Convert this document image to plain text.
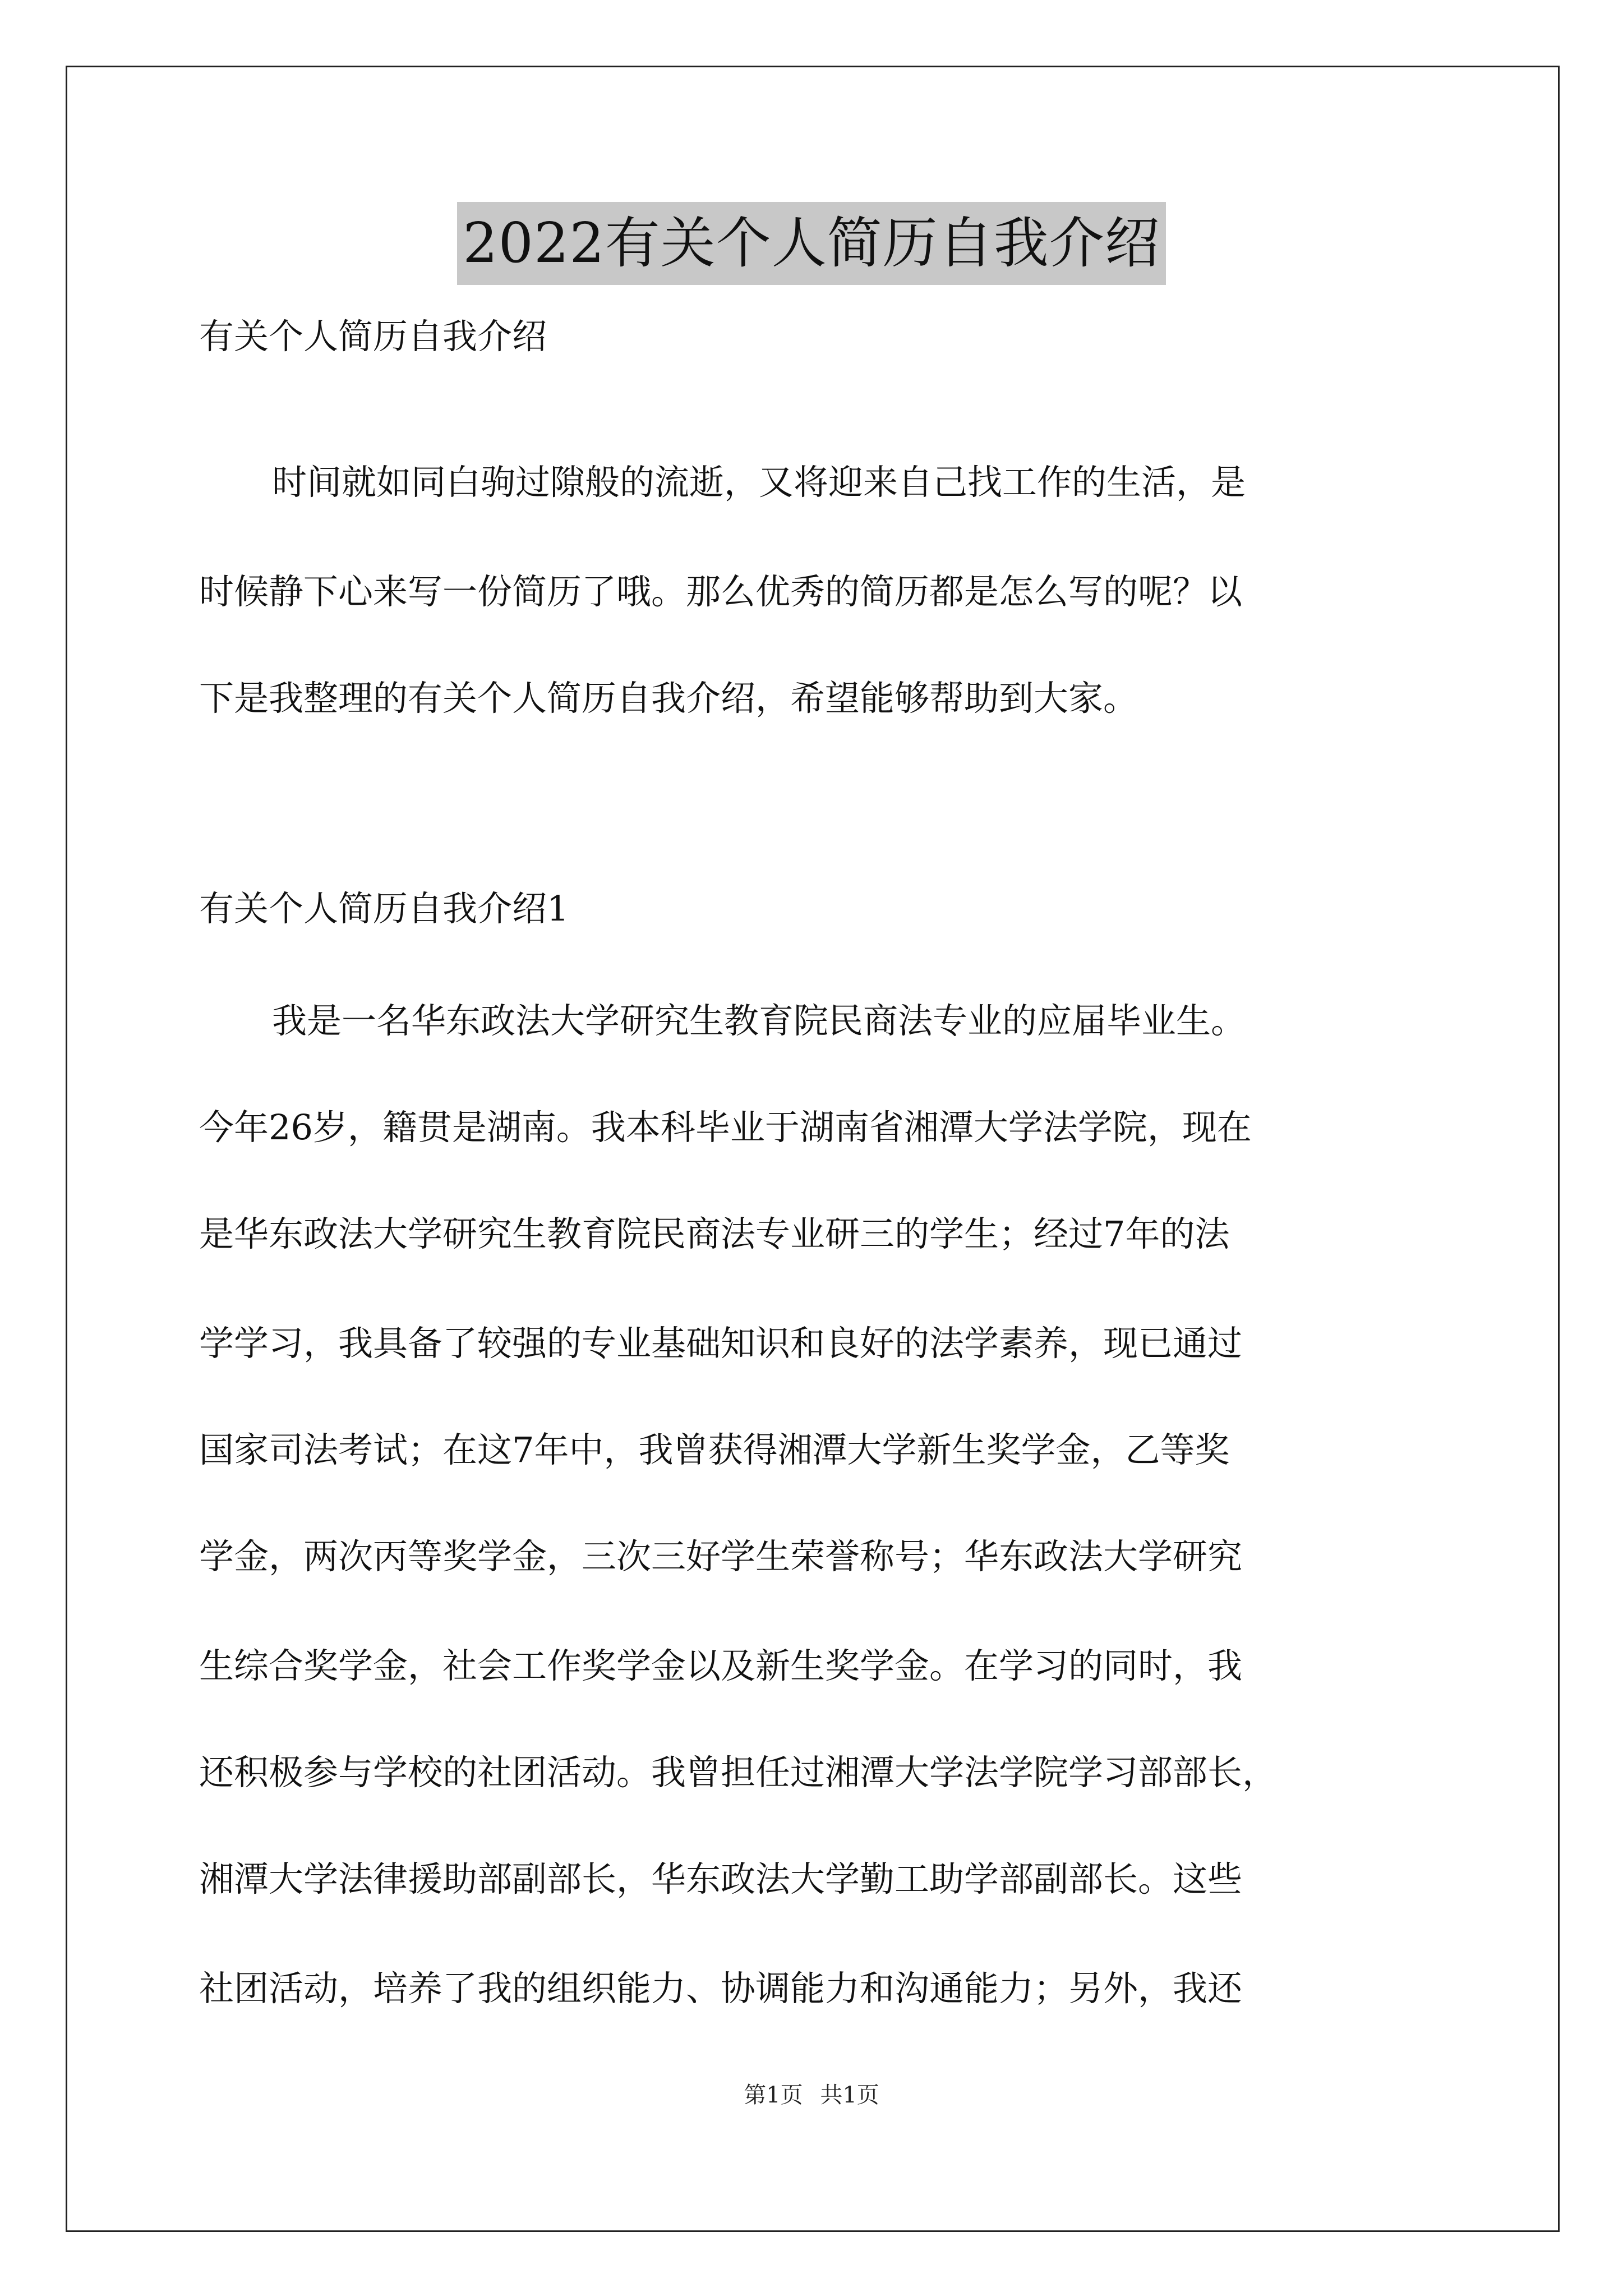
2022有关个人简历自我介绍
有关个人简历自我介绍
时间就如同白驹过隙般的流逝，又将迎来自己找工作的生活，是
时候静下心来写一份简历了哦。那么优秀的简历都是怎么写的呢？以
下是我整理的有关个人简历自我介绍，希望能够帮助到大家。
有关个人简历自我介绍1
我是一名华东政法大学研究生教育院民商法专业的应届毕业生。
今年26岁，籍贯是湖南。我本科毕业于湖南省湘潭大学法学院，现在
是华东政法大学研究生教育院民商法专业研三的学生；经过7年的法
学学习，我具备了较强的专业基础知识和良好的法学素养，现已通过
国家司法考试；在这7年中，我曾获得湘潭大学新生奖学金，乙等奖
学金，两次丙等奖学金，三次三好学生荣誉称号；华东政法大学研究
生综合奖学金，社会工作奖学金以及新生奖学金。在学习的同时，我
还积极参与学校的社团活动。我曾担任过湘潭大学法学院学习部部长，
湘潭大学法律援助部副部长，华东政法大学勤工助学部副部长。这些
社团活动，培养了我的组织能力、协调能力和沟通能力；另外，我还
第1页 共1页
